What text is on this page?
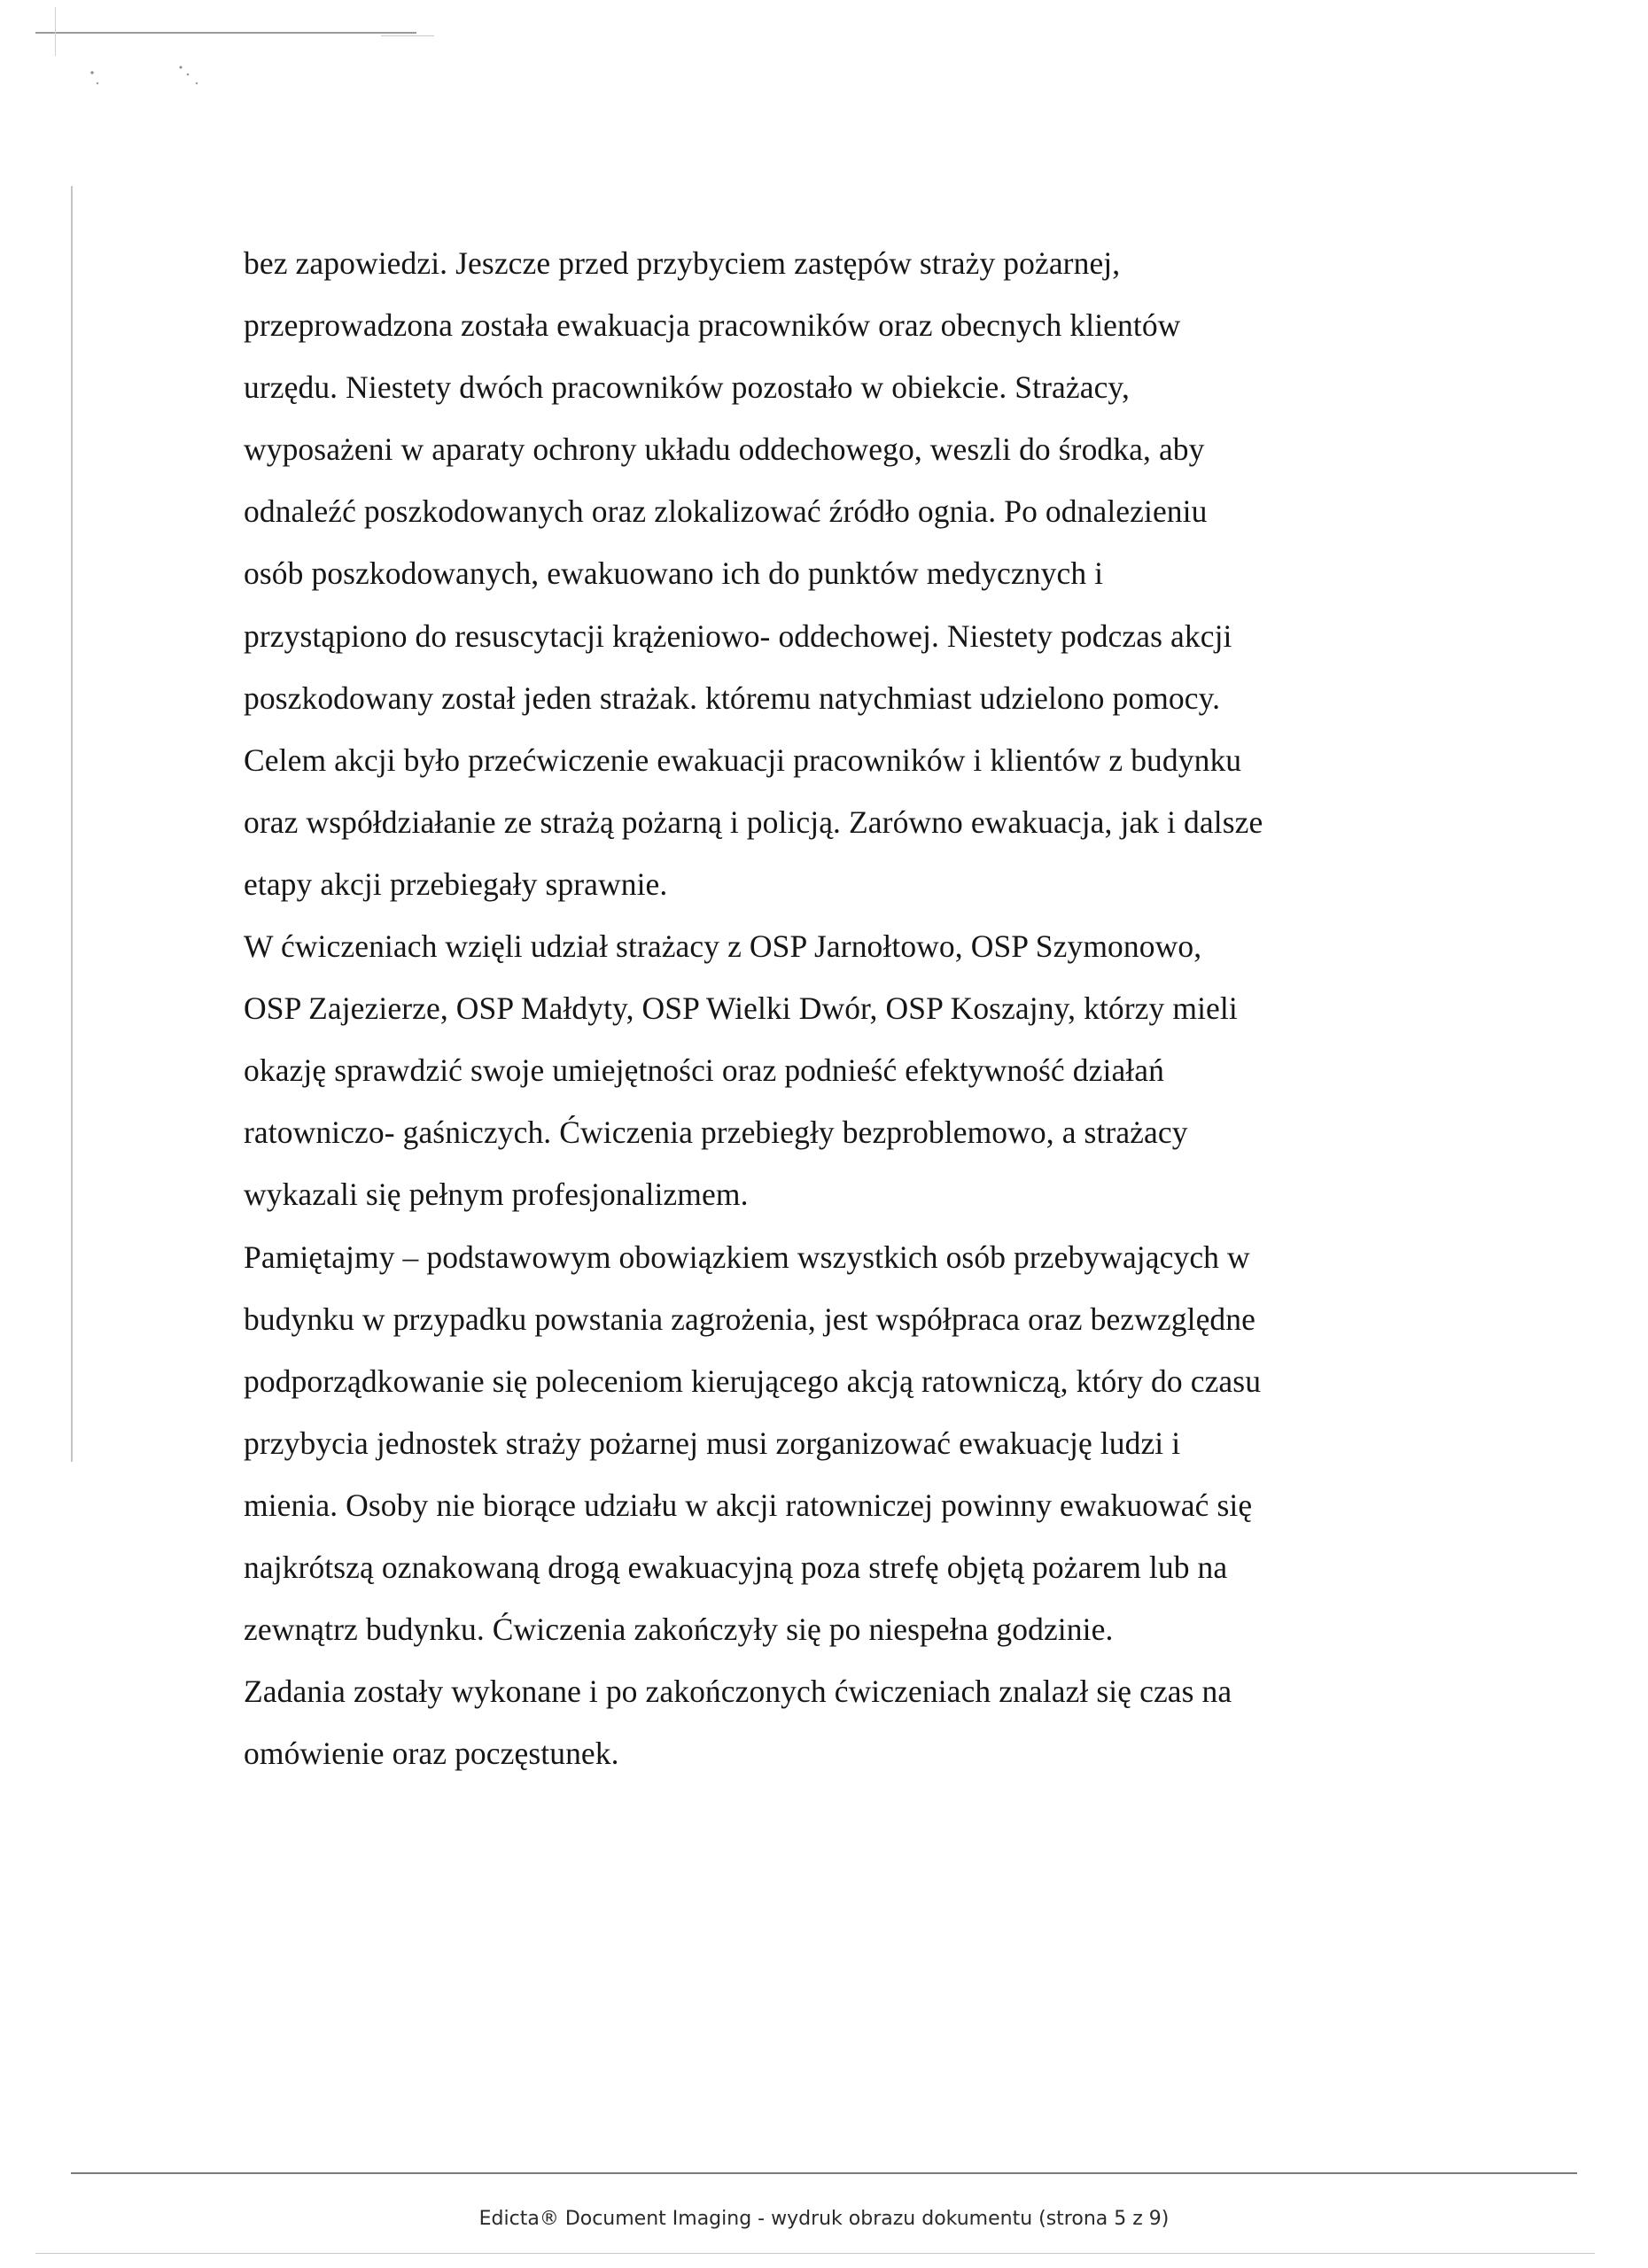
bez zapowiedzi. Jeszcze przed przybyciem zastępów straży pożarnej,
przeprowadzona została ewakuacja pracowników oraz obecnych klientów
urzędu. Niestety dwóch pracowników pozostało w obiekcie. Strażacy,
wyposażeni w aparaty ochrony układu oddechowego, weszli do środka, aby
odnaleźć poszkodowanych oraz zlokalizować źródło ognia. Po odnalezieniu
osób poszkodowanych, ewakuowano ich do punktów medycznych i
przystąpiono do resuscytacji krążeniowo- oddechowej. Niestety podczas akcji
poszkodowany został jeden strażak. któremu natychmiast udzielono pomocy.
Celem akcji było przećwiczenie ewakuacji pracowników i klientów z budynku
oraz współdziałanie ze strażą pożarną i policją. Zarówno ewakuacja, jak i dalsze
etapy akcji przebiegały sprawnie.
W ćwiczeniach wzięli udział strażacy z OSP Jarnołtowo, OSP Szymonowo,
OSP Zajezierze, OSP Małdyty, OSP Wielki Dwór, OSP Koszajny, którzy mieli
okazję sprawdzić swoje umiejętności oraz podnieść efektywność działań
ratowniczo- gaśniczych. Ćwiczenia przebiegły bezproblemowo, a strażacy
wykazali się pełnym profesjonalizmem.
Pamiętajmy – podstawowym obowiązkiem wszystkich osób przebywających w
budynku w przypadku powstania zagrożenia, jest współpraca oraz bezwzględne
podporządkowanie się poleceniom kierującego akcją ratowniczą, który do czasu
przybycia jednostek straży pożarnej musi zorganizować ewakuację ludzi i
mienia. Osoby nie biorące udziału w akcji ratowniczej powinny ewakuować się
najkrótszą oznakowaną drogą ewakuacyjną poza strefę objętą pożarem lub na
zewnątrz budynku. Ćwiczenia zakończyły się po niespełna godzinie.
Zadania zostały wykonane i po zakończonych ćwiczeniach znalazł się czas na
omówienie oraz poczęstunek.

Edicta® Document Imaging - wydruk obrazu dokumentu (strona 5 z 9)
